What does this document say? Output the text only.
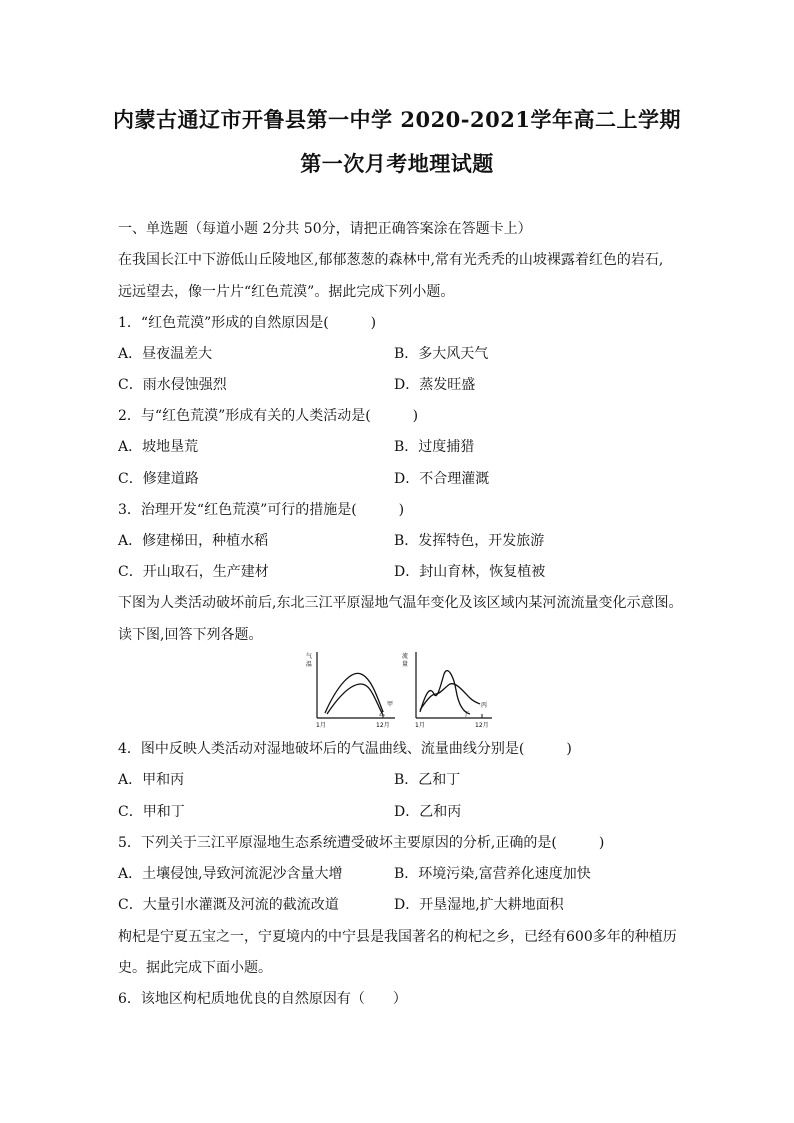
内蒙古通辽市开鲁县第一中学 2020-2021学年高二上学期
第一次月考地理试题
一、单选题（每道小题 2分共 50分，请把正确答案涂在答题卡上）
在我国长江中下游低山丘陵地区,郁郁葱葱的森林中,常有光秃秃的山坡裸露着红色的岩石,
远远望去，像一片片“红色荒漠”。据此完成下列小题。
1．“红色荒漠”形成的自然原因是(　　　)
A．昼夜温差大	B．多大风天气
C．雨水侵蚀强烈	D．蒸发旺盛
2．与“红色荒漠”形成有关的人类活动是(　　　)
A．坡地垦荒	B．过度捕猎
C．修建道路	D．不合理灌溉
3．治理开发“红色荒漠”可行的措施是(　　　)
A．修建梯田，种植水稻	B．发挥特色，开发旅游
C．开山取石，生产建材	D．封山育林，恢复植被
下图为人类活动破坏前后,东北三江平原湿地气温年变化及该区域内某河流流量变化示意图。
读下图,回答下列各题。
气
温
甲
乙
1月	12月
流
量
丙
丁
1月	12月
4．图中反映人类活动对湿地破坏后的气温曲线、流量曲线分别是(　　　)
A．甲和丙	B．乙和丁
C．甲和丁	D．乙和丙
5．下列关于三江平原湿地生态系统遭受破坏主要原因的分析,正确的是(　　　)
A．土壤侵蚀,导致河流泥沙含量大增	B．环境污染,富营养化速度加快
C．大量引水灌溉及河流的截流改道	D．开垦湿地,扩大耕地面积
枸杞是宁夏五宝之一，宁夏境内的中宁县是我国著名的枸杞之乡，已经有600多年的种植历
史。据此完成下面小题。
6．该地区枸杞质地优良的自然原因有（　　）
